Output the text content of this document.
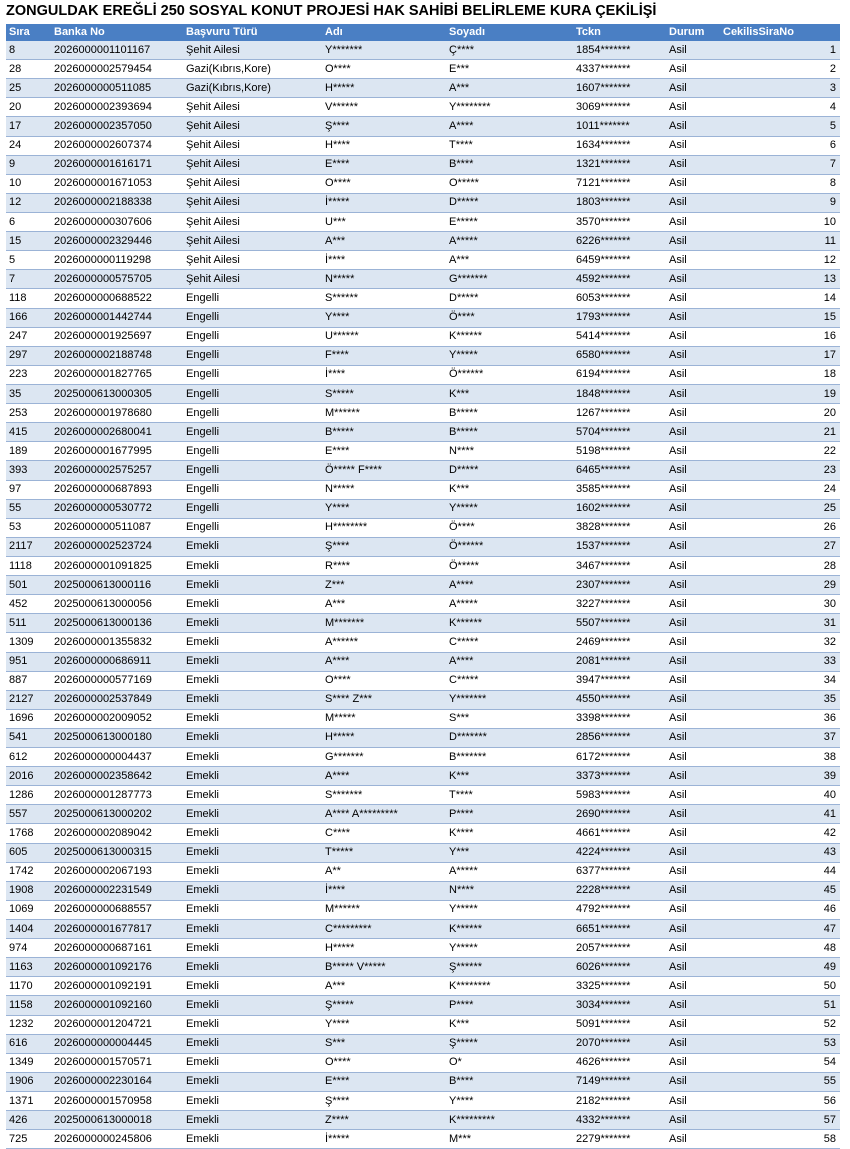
ZONGULDAK EREĞLİ 250 SOSYAL KONUT PROJESİ HAK SAHİBİ BELİRLEME KURA ÇEKİLİŞİ
Sıra	Banka No	Başvuru Türü	Adı	Soyadı	Tckn	Durum	CekilisSiraNo
8	2026000001101167	Şehit Ailesi	Y*******	Ç****	1854*******	Asil	1
28	2026000002579454	Gazi(Kıbrıs,Kore)	O****	E***	4337*******	Asil	2
25	2026000000511085	Gazi(Kıbrıs,Kore)	H*****	A***	1607*******	Asil	3
20	2026000002393694	Şehit Ailesi	V******	Y********	3069*******	Asil	4
17	2026000002357050	Şehit Ailesi	Ş****	A****	1011*******	Asil	5
24	2026000002607374	Şehit Ailesi	H****	T****	1634*******	Asil	6
9	2026000001616171	Şehit Ailesi	E****	B****	1321*******	Asil	7
10	2026000001671053	Şehit Ailesi	O****	O*****	7121*******	Asil	8
12	2026000002188338	Şehit Ailesi	İ*****	D*****	1803*******	Asil	9
6	2026000000307606	Şehit Ailesi	U***	E*****	3570*******	Asil	10
15	2026000002329446	Şehit Ailesi	A***	A*****	6226*******	Asil	11
5	2026000000119298	Şehit Ailesi	İ****	A***	6459*******	Asil	12
7	2026000000575705	Şehit Ailesi	N*****	G*******	4592*******	Asil	13
118	2026000000688522	Engelli	S******	D*****	6053*******	Asil	14
166	2026000001442744	Engelli	Y****	Ö****	1793*******	Asil	15
247	2026000001925697	Engelli	U******	K******	5414*******	Asil	16
297	2026000002188748	Engelli	F****	Y*****	6580*******	Asil	17
223	2026000001827765	Engelli	İ****	Ö******	6194*******	Asil	18
35	2025000613000305	Engelli	S*****	K***	1848*******	Asil	19
253	2026000001978680	Engelli	M******	B*****	1267*******	Asil	20
415	2026000002680041	Engelli	B*****	B*****	5704*******	Asil	21
189	2026000001677995	Engelli	E****	N****	5198*******	Asil	22
393	2026000002575257	Engelli	Ö***** F****	D*****	6465*******	Asil	23
97	2026000000687893	Engelli	N*****	K***	3585*******	Asil	24
55	2026000000530772	Engelli	Y****	Y*****	1602*******	Asil	25
53	2026000000511087	Engelli	H********	Ö****	3828*******	Asil	26
2117	2026000002523724	Emekli	Ş****	Ö******	1537*******	Asil	27
1118	2026000001091825	Emekli	R****	Ö*****	3467*******	Asil	28
501	2025000613000116	Emekli	Z***	A****	2307*******	Asil	29
452	2025000613000056	Emekli	A***	A*****	3227*******	Asil	30
511	2025000613000136	Emekli	M*******	K******	5507*******	Asil	31
1309	2026000001355832	Emekli	A******	C*****	2469*******	Asil	32
951	2026000000686911	Emekli	A****	A****	2081*******	Asil	33
887	2026000000577169	Emekli	O****	C*****	3947*******	Asil	34
2127	2026000002537849	Emekli	S**** Z***	Y*******	4550*******	Asil	35
1696	2026000002009052	Emekli	M*****	S***	3398*******	Asil	36
541	2025000613000180	Emekli	H*****	D*******	2856*******	Asil	37
612	2026000000004437	Emekli	G*******	B*******	6172*******	Asil	38
2016	2026000002358642	Emekli	A****	K***	3373*******	Asil	39
1286	2026000001287773	Emekli	S*******	T****	5983*******	Asil	40
557	2025000613000202	Emekli	A**** A*********	P****	2690*******	Asil	41
1768	2026000002089042	Emekli	C****	K****	4661*******	Asil	42
605	2025000613000315	Emekli	T*****	Y***	4224*******	Asil	43
1742	2026000002067193	Emekli	A**	A*****	6377*******	Asil	44
1908	2026000002231549	Emekli	İ****	N****	2228*******	Asil	45
1069	2026000000688557	Emekli	M******	Y*****	4792*******	Asil	46
1404	2026000001677817	Emekli	C*********	K******	6651*******	Asil	47
974	2026000000687161	Emekli	H*****	Y*****	2057*******	Asil	48
1163	2026000001092176	Emekli	B***** V*****	Ş******	6026*******	Asil	49
1170	2026000001092191	Emekli	A***	K********	3325*******	Asil	50
1158	2026000001092160	Emekli	Ş*****	P****	3034*******	Asil	51
1232	2026000001204721	Emekli	Y****	K***	5091*******	Asil	52
616	2026000000004445	Emekli	S***	Ş*****	2070*******	Asil	53
1349	2026000001570571	Emekli	O****	O*	4626*******	Asil	54
1906	2026000002230164	Emekli	E****	B****	7149*******	Asil	55
1371	2026000001570958	Emekli	Ş****	Y****	2182*******	Asil	56
426	2025000613000018	Emekli	Z****	K*********	4332*******	Asil	57
725	2026000000245806	Emekli	İ*****	M***	2279*******	Asil	58
